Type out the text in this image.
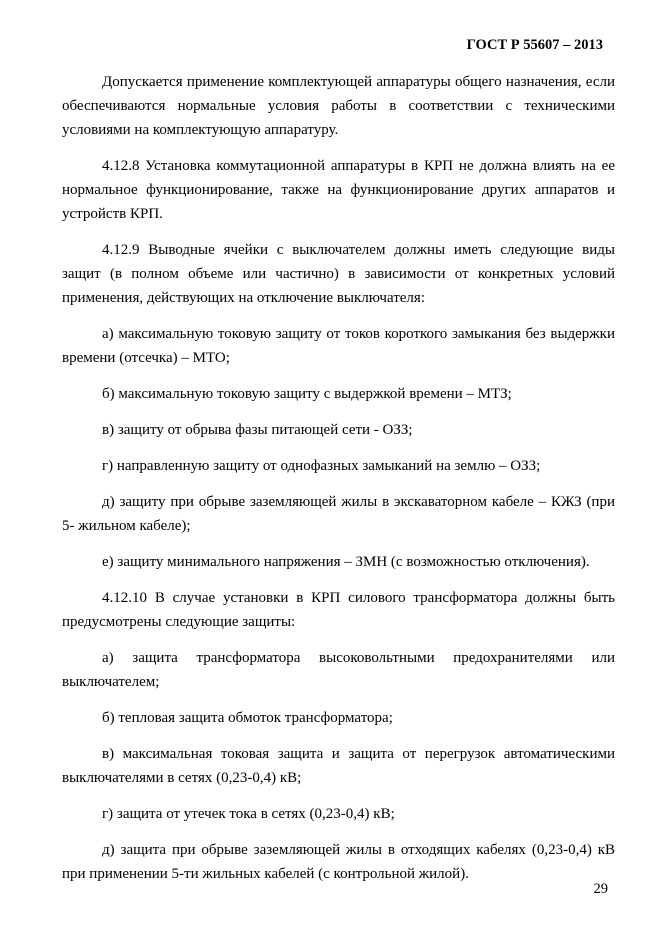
ГОСТ Р 55607 – 2013

Допускается применение комплектующей аппаратуры общего назначения, если обеспечиваются нормальные условия работы в соответствии с техническими условиями на комплектующую аппаратуру.

4.12.8 Установка коммутационной аппаратуры в КРП не должна влиять на ее нормальное функционирование, также на функционирование других аппаратов и устройств КРП.

4.12.9 Выводные ячейки с выключателем должны иметь следующие виды защит (в полном объеме или частично) в зависимости от конкретных условий применения, действующих на отключение выключателя:

а) максимальную токовую защиту от токов короткого замыкания без выдержки времени (отсечка) – МТО;

б) максимальную токовую защиту с выдержкой времени – МТЗ;

в) защиту от обрыва фазы питающей сети - ОЗЗ;

г) направленную защиту от однофазных замыканий на землю – ОЗЗ;

д) защиту при обрыве заземляющей жилы в экскаваторном кабеле – КЖЗ (при 5- жильном кабеле);

е) защиту минимального напряжения – ЗМН (с возможностью отключения).

4.12.10 В случае установки в КРП силового трансформатора должны быть предусмотрены следующие защиты:

а) защита трансформатора высоковольтными предохранителями или выключателем;

б) тепловая защита обмоток трансформатора;

в) максимальная токовая защита и защита от перегрузок автоматическими выключателями в сетях (0,23-0,4) кВ;

г) защита от утечек тока в сетях (0,23-0,4) кВ;

д) защита при обрыве заземляющей жилы в отходящих кабелях (0,23-0,4) кВ при применении 5-ти жильных кабелей (с контрольной жилой).

29
